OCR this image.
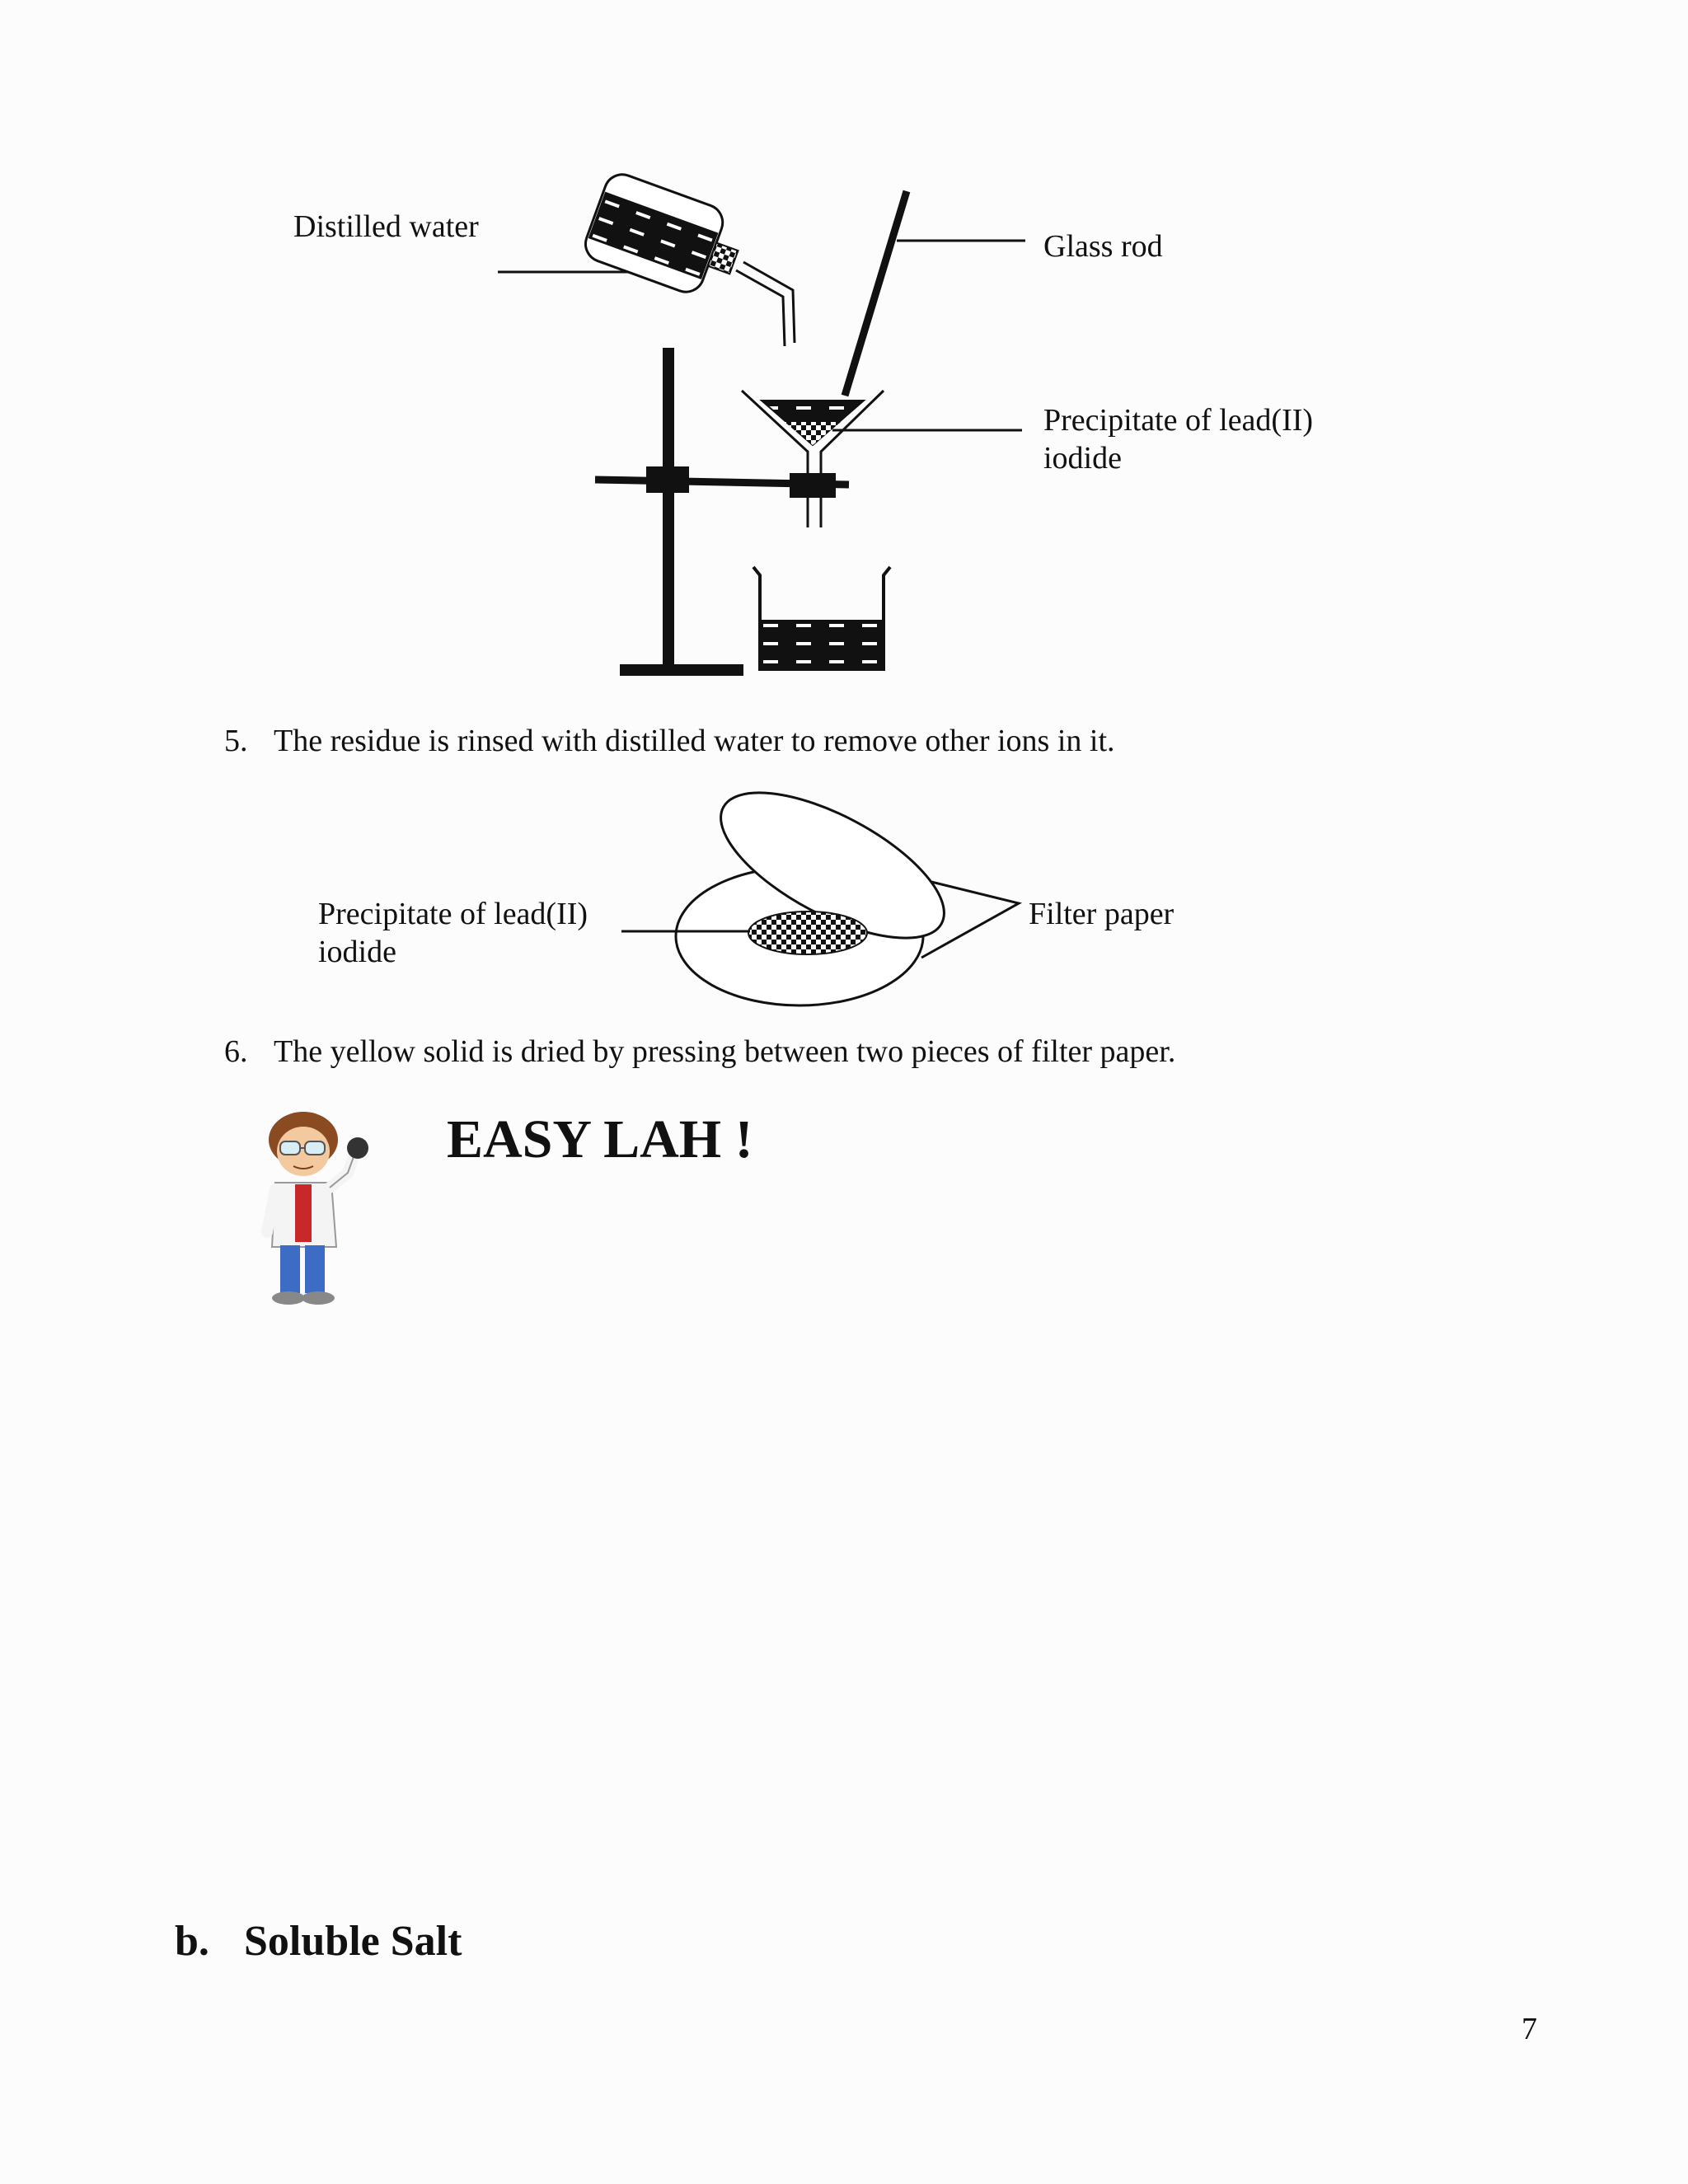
Distilled water
Glass rod
Precipitate of lead(II)
iodide
5. The residue is rinsed with distilled water to remove other ions in it.
Precipitate of lead(II)
iodide
Filter paper
6. The yellow solid is dried by pressing between two pieces of filter paper.
EASY LAH !
b. Soluble Salt
7
